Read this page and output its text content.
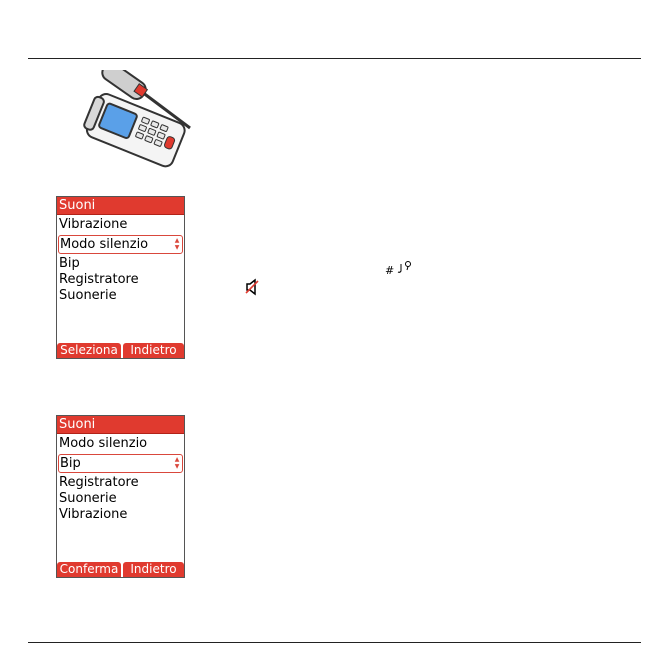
Suoni
Vibrazione
Modo silenzio	▲
▼
Bip
Registratore
Suonerie
Seleziona	Indietro
#
Suoni
Modo silenzio
Bip	▲
▼
Registratore
Suonerie
Vibrazione
Conferma	Indietro
